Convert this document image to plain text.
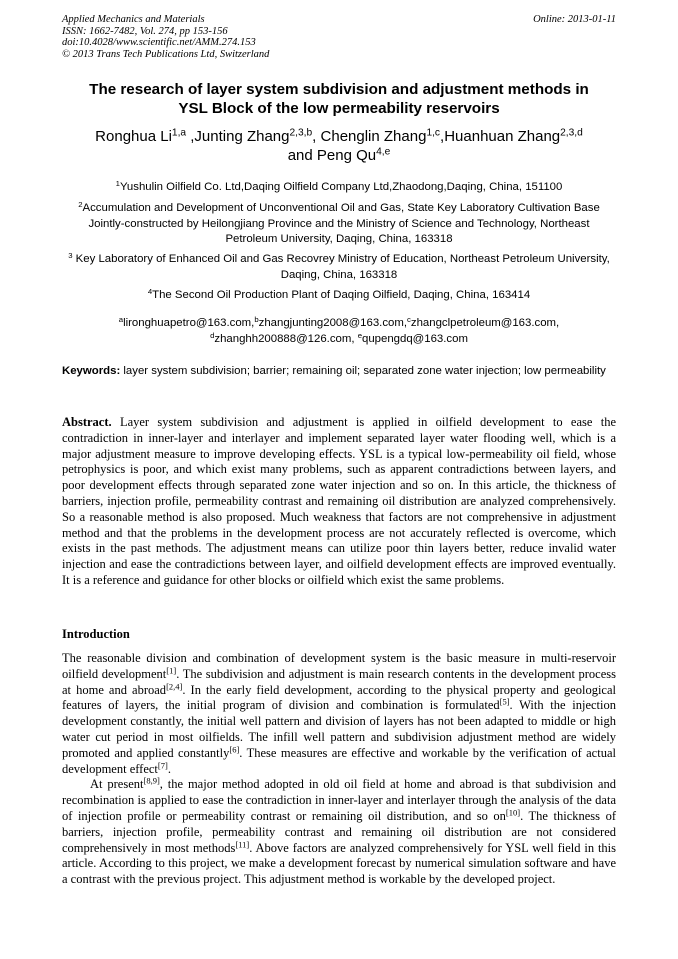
Applied Mechanics and Materials
ISSN: 1662-7482, Vol. 274, pp 153-156
doi:10.4028/www.scientific.net/AMM.274.153
© 2013 Trans Tech Publications Ltd, Switzerland
Online: 2013-01-11
The research of layer system subdivision and adjustment methods in
YSL Block of the low permeability reservoirs
Ronghua Li$^{1,a}$ ,Junting Zhang$^{2,3,b}$, Chenglin Zhang$^{1,c}$,Huanhuan Zhang$^{2,3,d}$
and Peng Qu$^{4,e}$
$^1$Yushulin Oilfield Co. Ltd,Daqing Oilfield Company Ltd,Zhaodong,Daqing, China, 151100
$^2$Accumulation and Development of Unconventional Oil and Gas, State Key Laboratory Cultivation Base Jointly-constructed by Heilongjiang Province and the Ministry of Science and Technology, Northeast Petroleum University, Daqing, China, 163318
$^3$ Key Laboratory of Enhanced Oil and Gas Recovrey Ministry of Education, Northeast Petroleum University, Daqing, China, 163318
$^4$The Second Oil Production Plant of Daqing Oilfield, Daqing, China, 163414
$^a$lironghuapetro@163.com,$^b$zhangjunting2008@163.com,$^c$zhangclpetroleum@163.com, $^d$zhanghh200888@126.com, $^e$qupengdq@163.com
Keywords: layer system subdivision; barrier; remaining oil; separated zone water injection; low permeability

Abstract. Layer system subdivision and adjustment is applied in oilfield development to ease the contradiction in inner-layer and interlayer and implement separated layer water flooding well, which is a major adjustment measure to improve developing effects. YSL is a typical low-permeability oil field, whose petrophysics is poor, and which exist many problems, such as apparent contradictions between layers, and poor development effects through separated zone water injection and so on. In this article, the thickness of barriers, injection profile, permeability contrast and remaining oil distribution are analyzed comprehensively. So a reasonable method is also proposed. Much weakness that factors are not comprehensive in adjustment method and that the problems in the development process are not accurately reflected is overcome, which exists in the past methods. The adjustment means can utilize poor thin layers better, reduce invalid water injection and ease the contradictions between layer, and oilfield development effects are improved eventually. It is a reference and guidance for other blocks or oilfield which exist the same problems.

Introduction

The reasonable division and combination of development system is the basic measure in multi-reservoir oilfield development[1]. The subdivision and adjustment is main research contents in the development process at home and abroad[2,4]. In the early field development, according to the physical property and geological features of layers, the initial program of division and combination is formulated[5]. With the injection development constantly, the initial well pattern and division of layers has not been adapted to middle or high water cut period in most oilfields. The infill well pattern and subdivision adjustment method are widely promoted and applied constantly[6]. These measures are effective and workable by the verification of actual development effect[7].

At present[8,9], the major method adopted in old oil field at home and abroad is that subdivision and recombination is applied to ease the contradiction in inner-layer and interlayer through the analysis of the data of injection profile or permeability contrast or remaining oil distribution, and so on[10]. The thickness of barriers, injection profile, permeability contrast and remaining oil distribution are not considered comprehensively in most methods[11]. Above factors are analyzed comprehensively for YSL well field in this article. According to this project, we make a development forecast by numerical simulation software and have a contrast with the previous project. This adjustment method is workable by the developed project.
